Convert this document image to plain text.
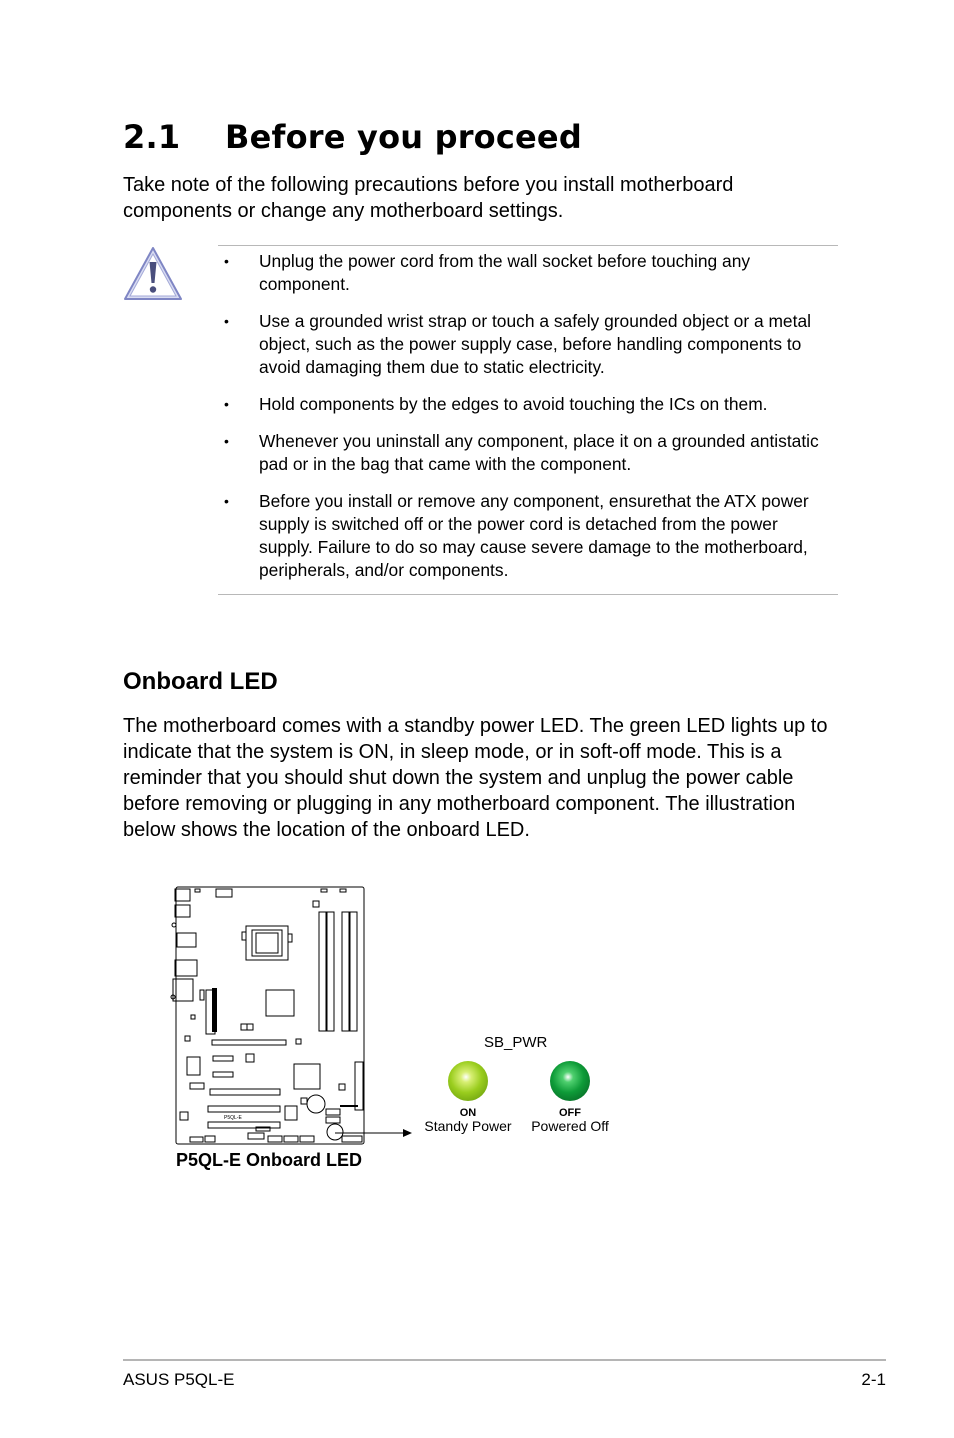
2.1 Before you proceed
Take note of the following precautions before you install motherboard components or change any motherboard settings.
• Unplug the power cord from the wall socket before touching any component.
• Use a grounded wrist strap or touch a safely grounded object or a metal object, such as the power supply case, before handling components to avoid damaging them due to static electricity.
• Hold components by the edges to avoid touching the ICs on them.
• Whenever you uninstall any component, place it on a grounded antistatic pad or in the bag that came with the component.
• Before you install or remove any component, ensurethat the ATX power supply is switched off or the power cord is detached from the power supply. Failure to do so may cause severe damage to the motherboard, peripherals, and/or components.
Onboard LED
The motherboard comes with a standby power LED. The green LED lights up to indicate that the system is ON, in sleep mode, or in soft-off mode. This is a reminder that you should shut down the system and unplug the power cable before removing or plugging in any motherboard component. The illustration below shows the location of the onboard LED.
P5QL-E
P5QL-E Onboard LED
SB_PWR
ON
Standy Power
OFF
Powered Off
ASUS P5QL-E	2-1
